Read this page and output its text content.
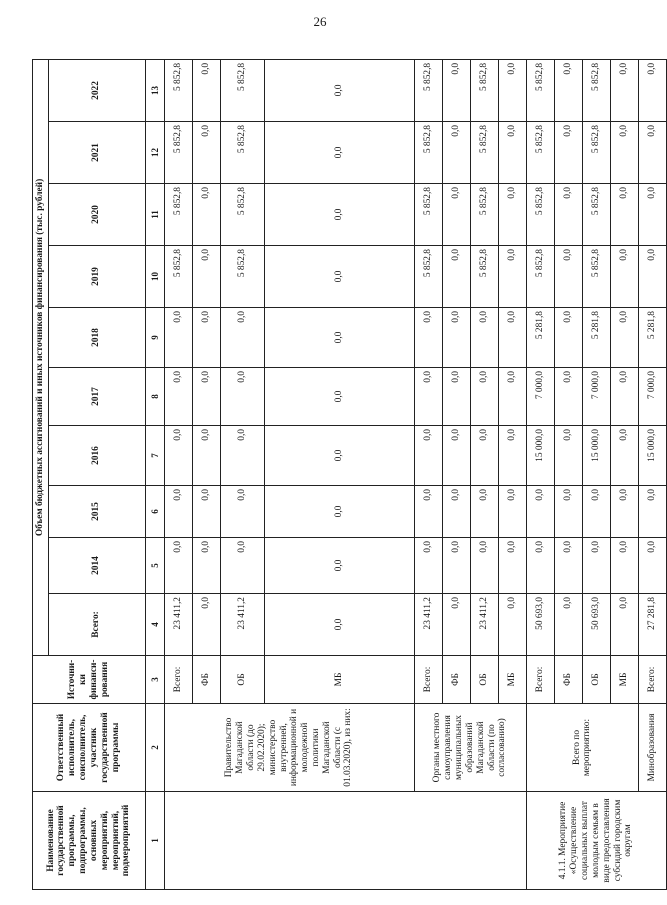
26
Наименование государственной программы, подпрограммы, основных мероприятий, мероприятий, подмероприятий	Ответственный исполнитель, соисполнитель, участник государственной программы	Источни-ки финанси-рования	Объем бюджетных ассигнований и иных источников финансирования (тыс. рублей)									
			Всего:	2014	2015	2016	2017	2018	2019	2020	2021	2022
1	2	3	4	5	6	7	8	9	10	11	12	13
	Правительство Магаданской области (до 29.02.2020); министерство внутренней, информационной и молодежной политики Магаданской области (с 01.03.2020), из них:	Всего:	23 411,2	0,0	0,0	0,0	0,0	0,0	5 852,8	5 852,8	5 852,8	5 852,8
		ФБ	0,0	0,0	0,0	0,0	0,0	0,0	0,0	0,0	0,0	0,0
		ОБ	23 411,2	0,0	0,0	0,0	0,0	0,0	5 852,8	5 852,8	5 852,8	5 852,8
		МБ	0,0	0,0	0,0	0,0	0,0	0,0	0,0	0,0	0,0	0,0
	Органы местного самоуправления муниципальных образований Магаданской области (по согласованию)	Всего:	23 411,2	0,0	0,0	0,0	0,0	0,0	5 852,8	5 852,8	5 852,8	5 852,8
		ФБ	0,0	0,0	0,0	0,0	0,0	0,0	0,0	0,0	0,0	0,0
		ОБ	23 411,2	0,0	0,0	0,0	0,0	0,0	5 852,8	5 852,8	5 852,8	5 852,8
		МБ	0,0	0,0	0,0	0,0	0,0	0,0	0,0	0,0	0,0	0,0
4.1.1. Мероприятие «Осуществление социальных выплат молодым семьям в виде предоставления субсидий городским округам	Всего по мероприятию:	Всего:	50 693,0	0,0	0,0	15 000,0	7 000,0	5 281,8	5 852,8	5 852,8	5 852,8	5 852,8
		ФБ	0,0	0,0	0,0	0,0	0,0	0,0	0,0	0,0	0,0	0,0
		ОБ	50 693,0	0,0	0,0	15 000,0	7 000,0	5 281,8	5 852,8	5 852,8	5 852,8	5 852,8
		МБ	0,0	0,0	0,0	0,0	0,0	0,0	0,0	0,0	0,0	0,0
	Минобразования	Всего:	27 281,8	0,0	0,0	15 000,0	7 000,0	5 281,8	0,0	0,0	0,0	0,0
